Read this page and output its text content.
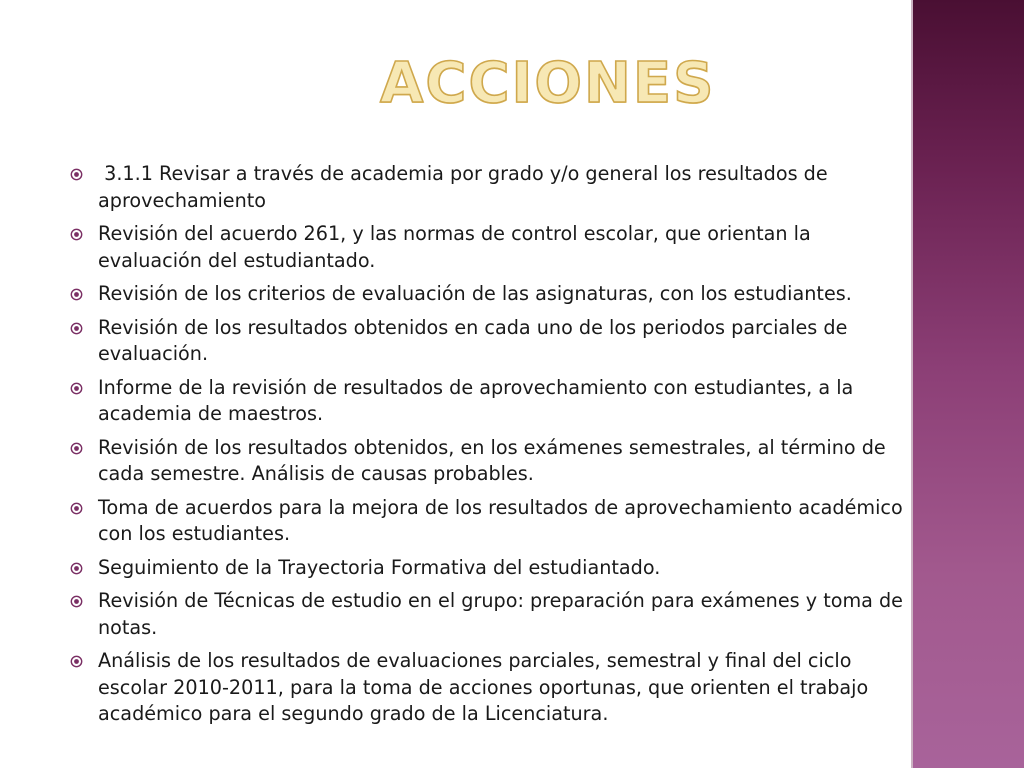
ACCIONES
3.1.1 Revisar a través de academia por grado y/o general los resultados de aprovechamiento
Revisión del acuerdo 261, y las normas de control escolar, que orientan la evaluación del estudiantado.
Revisión de los criterios de evaluación de las asignaturas, con los estudiantes.
Revisión de los resultados obtenidos en cada uno de los periodos parciales de evaluación.
Informe de la revisión de resultados de aprovechamiento con estudiantes, a la academia de maestros.
Revisión de los resultados obtenidos, en los exámenes semestrales, al término de cada semestre. Análisis de causas probables.
Toma de acuerdos para la mejora de los resultados de aprovechamiento académico con los estudiantes.
Seguimiento de la Trayectoria Formativa del estudiantado.
Revisión de Técnicas de estudio en el grupo: preparación para exámenes y toma de notas.
Análisis de los resultados de evaluaciones parciales, semestral y final del ciclo escolar 2010-2011, para la toma de acciones oportunas, que orienten el trabajo académico para el segundo grado de la Licenciatura.
